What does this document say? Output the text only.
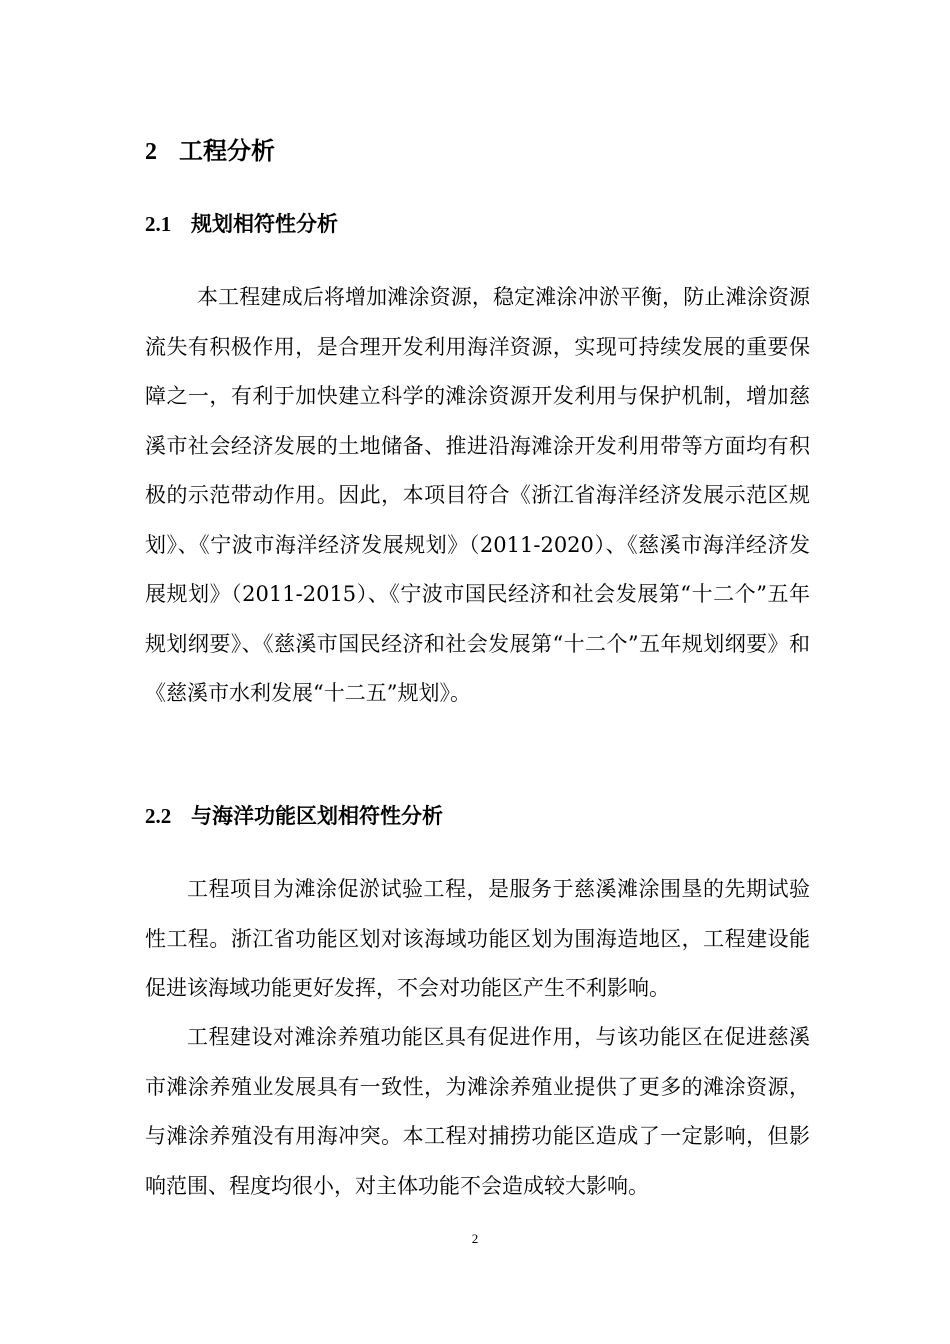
2 工程分析
2.1 规划相符性分析

本工程建成后将增加滩涂资源，稳定滩涂冲淤平衡，防止滩涂资源流失有积极作用，是合理开发利用海洋资源，实现可持续发展的重要保障之一，有利于加快建立科学的滩涂资源开发利用与保护机制，增加慈溪市社会经济发展的土地储备、推进沿海滩涂开发利用带等方面均有积极的示范带动作用。因此，本项目符合《浙江省海洋经济发展示范区规划》、《宁波市海洋经济发展规划》（2011-2020）、《慈溪市海洋经济发展规划》（2011-2015）、《宁波市国民经济和社会发展第“十二个”五年规划纲要》、《慈溪市国民经济和社会发展第“十二个”五年规划纲要》和《慈溪市水利发展“十二五”规划》。

2.2 与海洋功能区划相符性分析

工程项目为滩涂促淤试验工程，是服务于慈溪滩涂围垦的先期试验性工程。浙江省功能区划对该海域功能区划为围海造地区，工程建设能促进该海域功能更好发挥，不会对功能区产生不利影响。

工程建设对滩涂养殖功能区具有促进作用，与该功能区在促进慈溪市滩涂养殖业发展具有一致性，为滩涂养殖业提供了更多的滩涂资源，与滩涂养殖没有用海冲突。本工程对捕捞功能区造成了一定影响，但影响范围、程度均很小，对主体功能不会造成较大影响。

2
